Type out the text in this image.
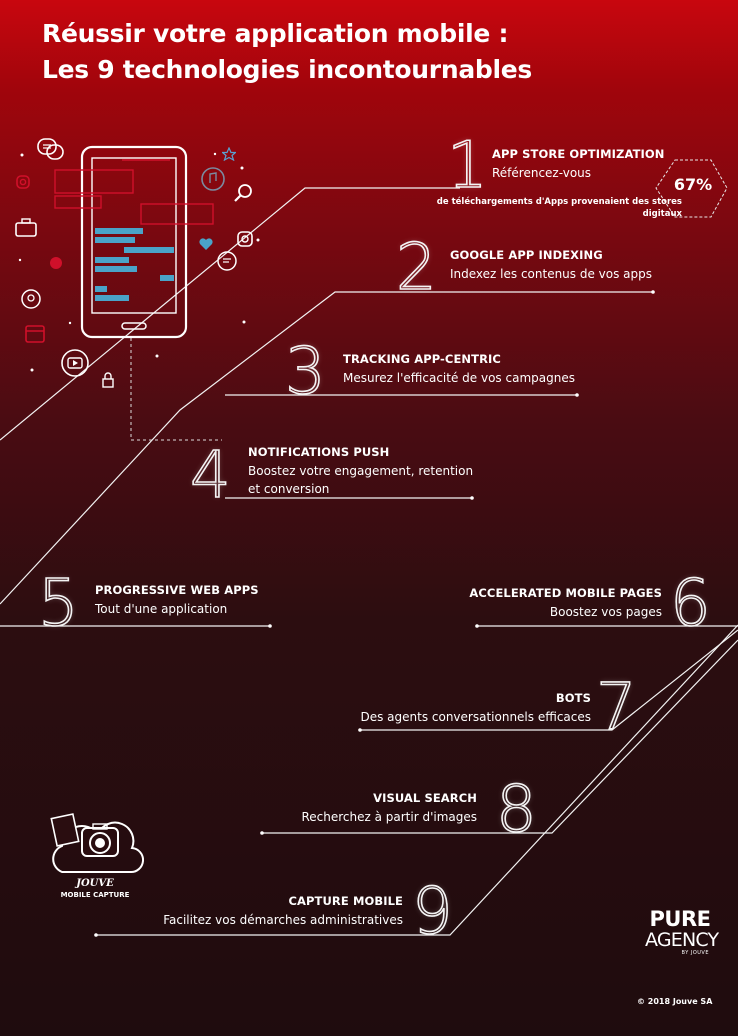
Réussir votre application mobile :
Les 9 technologies incontournables
1
2
3
4
5	6
7
8
9
APP STORE OPTIMIZATION
Référencez-vous
67%
de téléchargements d'Apps provenaient des stores digitaux
GOOGLE APP INDEXING
Indexez les contenus de vos apps
TRACKING APP-CENTRIC
Mesurez l'efficacité de vos campagnes
NOTIFICATIONS PUSH
Boostez votre engagement, retention et conversion
PROGRESSIVE WEB APPS
Tout d'une application
ACCELERATED MOBILE PAGES
Boostez vos pages
BOTS
Des agents conversationnels efficaces
VISUAL SEARCH
Recherchez à partir d'images
CAPTURE MOBILE
Facilitez vos démarches administratives
JOUVE
MOBILE CAPTURE
PURE
AGENCY
BY JOUVE
© 2018 Jouve SA
